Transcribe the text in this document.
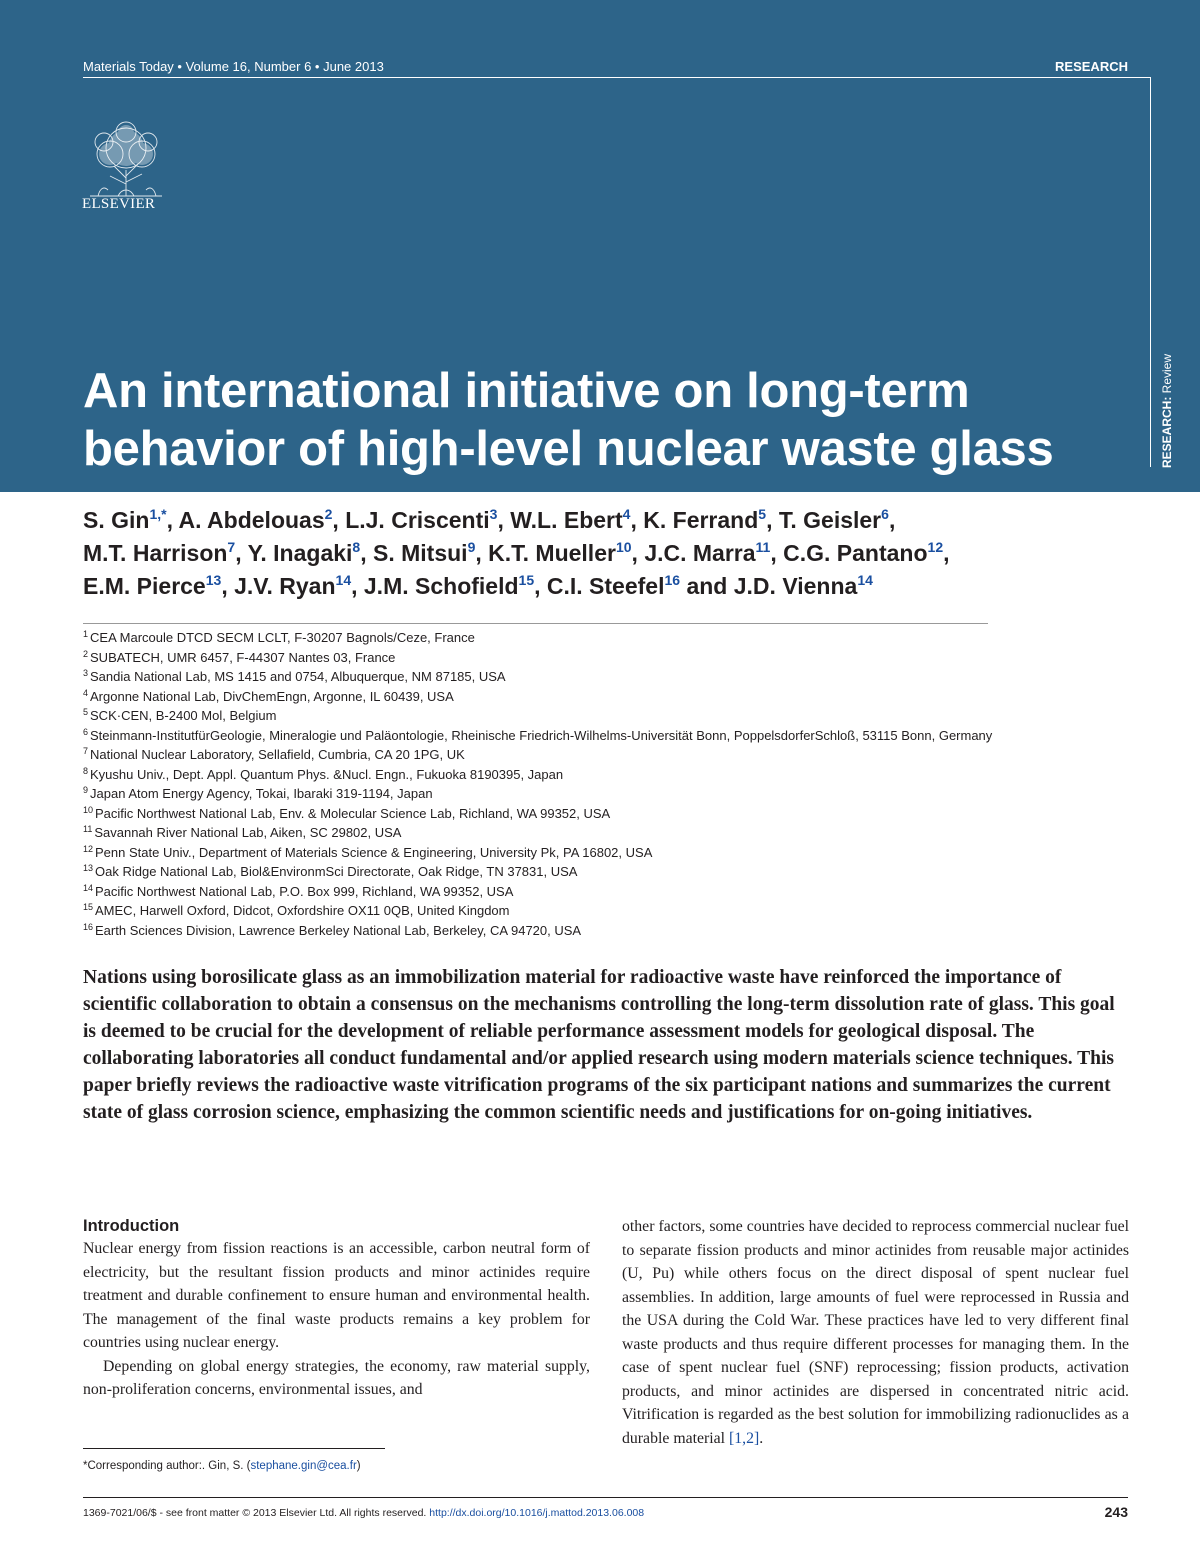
Materials Today • Volume 16, Number 6 • June 2013	RESEARCH
ELSEVIER
RESEARCH: Review
An international initiative on long-term
behavior of high-level nuclear waste glass
S. Gin$^{1,*}$, A. Abdelouas$^2$, L.J. Criscenti$^3$, W.L. Ebert$^4$, K. Ferrand$^5$, T. Geisler$^6$,
M.T. Harrison$^7$, Y. Inagaki$^8$, S. Mitsui$^9$, K.T. Mueller$^{10}$, J.C. Marra$^{11}$, C.G. Pantano$^{12}$,
E.M. Pierce$^{13}$, J.V. Ryan$^{14}$, J.M. Schofield$^{15}$, C.I. Steefel$^{16}$ and J.D. Vienna$^{14}$
$^1$ CEA Marcoule DTCD SECM LCLT, F-30207 Bagnols/Ceze, France
$^2$ SUBATECH, UMR 6457, F-44307 Nantes 03, France
$^3$ Sandia National Lab, MS 1415 and 0754, Albuquerque, NM 87185, USA
$^4$ Argonne National Lab, DivChemEngn, Argonne, IL 60439, USA
$^5$ SCK·CEN, B-2400 Mol, Belgium
$^6$ Steinmann-InstitutfürGeologie, Mineralogie und Paläontologie, Rheinische Friedrich-Wilhelms-Universität Bonn, PoppelsdorferSchloß, 53115 Bonn, Germany
$^7$ National Nuclear Laboratory, Sellafield, Cumbria, CA 20 1PG, UK
$^8$ Kyushu Univ., Dept. Appl. Quantum Phys. &Nucl. Engn., Fukuoka 8190395, Japan
$^9$ Japan Atom Energy Agency, Tokai, Ibaraki 319-1194, Japan
$^{10}$ Pacific Northwest National Lab, Env. & Molecular Science Lab, Richland, WA 99352, USA
$^{11}$ Savannah River National Lab, Aiken, SC 29802, USA
$^{12}$ Penn State Univ., Department of Materials Science & Engineering, University Pk, PA 16802, USA
$^{13}$ Oak Ridge National Lab, Biol&EnvironmSci Directorate, Oak Ridge, TN 37831, USA
$^{14}$ Pacific Northwest National Lab, P.O. Box 999, Richland, WA 99352, USA
$^{15}$ AMEC, Harwell Oxford, Didcot, Oxfordshire OX11 0QB, United Kingdom
$^{16}$ Earth Sciences Division, Lawrence Berkeley National Lab, Berkeley, CA 94720, USA

Nations using borosilicate glass as an immobilization material for radioactive waste have reinforced the importance of scientific collaboration to obtain a consensus on the mechanisms controlling the long-term dissolution rate of glass. This goal is deemed to be crucial for the development of reliable performance assessment models for geological disposal. The collaborating laboratories all conduct fundamental and/or applied research using modern materials science techniques. This paper briefly reviews the radioactive waste vitrification programs of the six participant nations and summarizes the current state of glass corrosion science, emphasizing the common scientific needs and justifications for on-going initiatives.

Introduction

Nuclear energy from fission reactions is an accessible, carbon neutral form of electricity, but the resultant fission products and minor actinides require treatment and durable confinement to ensure human and environmental health. The management of the final waste products remains a key problem for countries using nuclear energy.

Depending on global energy strategies, the economy, raw material supply, non-proliferation concerns, environmental issues, and

other factors, some countries have decided to reprocess commercial nuclear fuel to separate fission products and minor actinides from reusable major actinides (U, Pu) while others focus on the direct disposal of spent nuclear fuel assemblies. In addition, large amounts of fuel were reprocessed in Russia and the USA during the Cold War. These practices have led to very different final waste products and thus require different processes for managing them. In the case of spent nuclear fuel (SNF) reprocessing; fission products, activation products, and minor actinides are dispersed in concentrated nitric acid. Vitrification is regarded as the best solution for immobilizing radionuclides as a durable material [1,2].

*Corresponding author:. Gin, S. (stephane.gin@cea.fr)
1369-7021/06/$ - see front matter © 2013 Elsevier Ltd. All rights reserved. http://dx.doi.org/10.1016/j.mattod.2013.06.008	243
